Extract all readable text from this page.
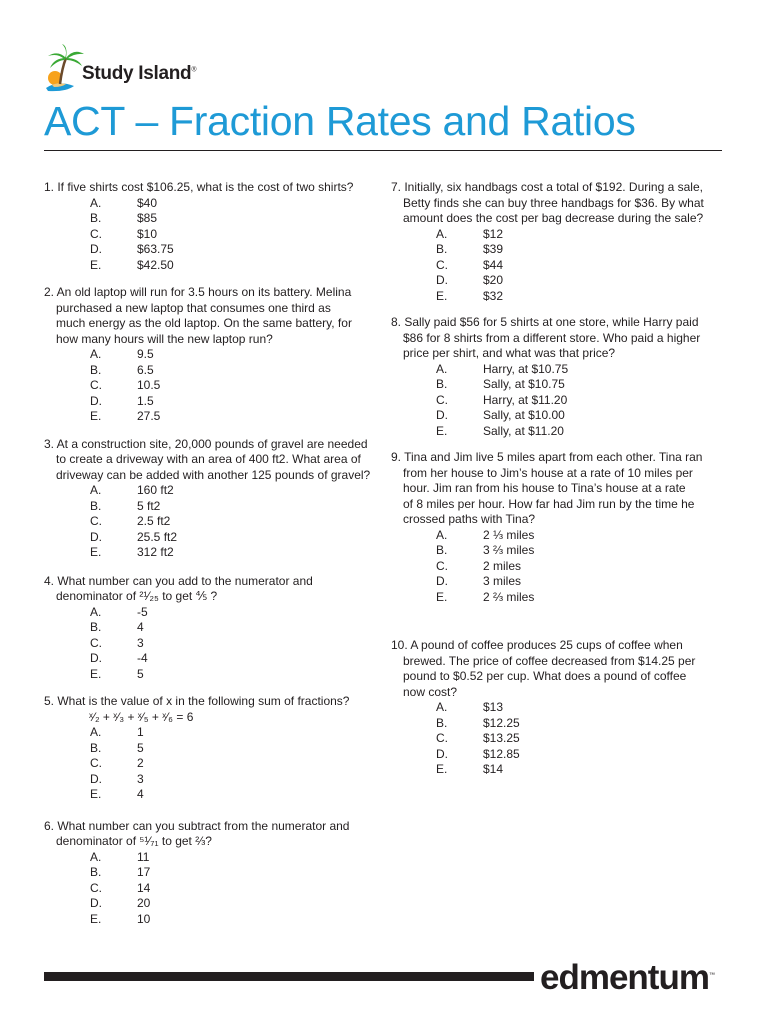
Study Island®
ACT – Fraction Rates and Ratios
1. If five shirts cost $106.25, what is the cost of two shirts?
A.	$40
B.	$85
C.	$10
D.	$63.75
E.	$42.50
2. An old laptop will run for 3.5 hours on its battery. Melina
purchased a new laptop that consumes one third as
much energy as the old laptop. On the same battery, for
how many hours will the new laptop run?
A.	9.5
B.	6.5
C.	10.5
D.	1.5
E.	27.5
3. At a construction site, 20,000 pounds of gravel are needed
to create a driveway with an area of 400 ft2. What area of
driveway can be added with another 125 pounds of gravel?
A.	160 ft2
B.	5 ft2
C.	2.5 ft2
D.	25.5 ft2
E.	312 ft2
4. What number can you add to the numerator and
denominator of ²¹⁄₂₅ to get ⅘ ?
A.	-5
B.	4
C.	3
D.	-4
E.	5
5. What is the value of x in the following sum of fractions?
ˣ⁄₂ + ˣ⁄₃ + ˣ⁄₅ + ˣ⁄₆ = 6
A.	1
B.	5
C.	2
D.	3
E.	4
6. What number can you subtract from the numerator and
denominator of ⁵¹⁄₇₁ to get ⅔?
A.	11
B.	17
C.	14
D.	20
E.	10
7. Initially, six handbags cost a total of $192. During a sale,
Betty finds she can buy three handbags for $36. By what
amount does the cost per bag decrease during the sale?
A.	$12
B.	$39
C.	$44
D.	$20
E.	$32
8. Sally paid $56 for 5 shirts at one store, while Harry paid
$86 for 8 shirts from a different store. Who paid a higher
price per shirt, and what was that price?
A.	Harry, at $10.75
B.	Sally, at $10.75
C.	Harry, at $11.20
D.	Sally, at $10.00
E.	Sally, at $11.20
9. Tina and Jim live 5 miles apart from each other. Tina ran
from her house to Jim’s house at a rate of 10 miles per
hour. Jim ran from his house to Tina’s house at a rate
of 8 miles per hour. How far had Jim run by the time he
crossed paths with Tina?
A.	2 ⅓ miles
B.	3 ⅔ miles
C.	2 miles
D.	3 miles
E.	2 ⅔ miles
10. A pound of coffee produces 25 cups of coffee when
brewed. The price of coffee decreased from $14.25 per
pound to $0.52 per cup. What does a pound of coffee
now cost?
A.	$13
B.	$12.25
C.	$13.25
D.	$12.85
E.	$14
edmentum™
